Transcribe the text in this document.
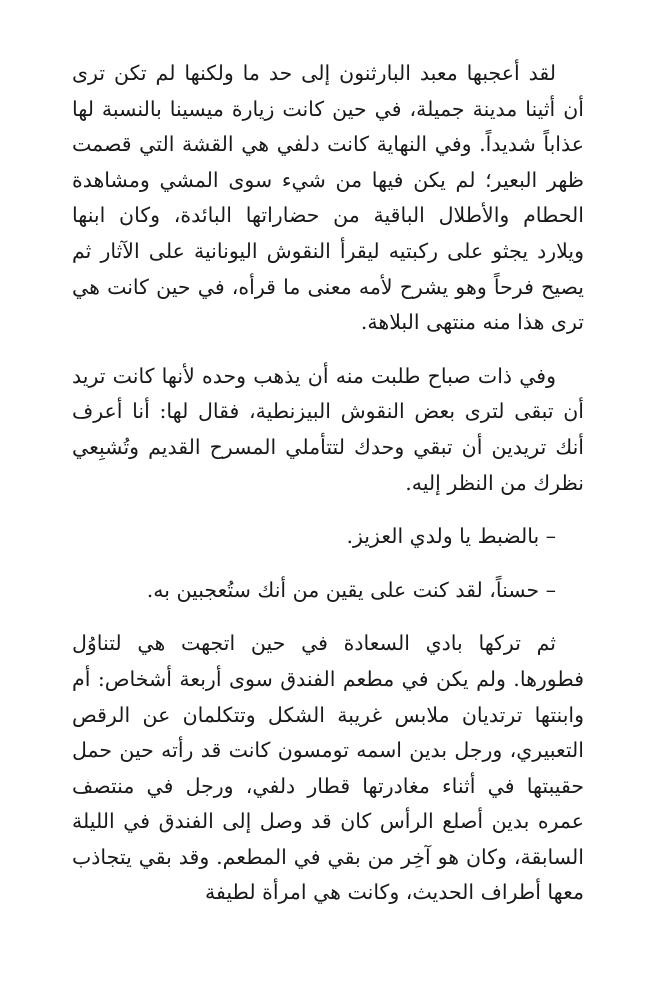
لقد أعجبها معبد البارثنون إلى حد ما ولكنها لم تكن ترى أن أثينا مدينة جميلة، في حين كانت زيارة ميسينا بالنسبة لها عذاباً شديداً. وفي النهاية كانت دلفي هي القشة التي قصمت ظهر البعير؛ لم يكن فيها من شيء سوى المشي ومشاهدة الحطام والأطلال الباقية من حضاراتها البائدة، وكان ابنها ويلارد يجثو على ركبتيه ليقرأ النقوش اليونانية على الآثار ثم يصيح فرحاً وهو يشرح لأمه معنى ما قرأه، في حين كانت هي ترى هذا منه منتهى البلاهة.

وفي ذات صباح طلبت منه أن يذهب وحده لأنها كانت تريد أن تبقى لترى بعض النقوش البيزنطية، فقال لها: أنا أعرف أنك تريدين أن تبقي وحدك لتتأملي المسرح القديم وتُشبِعي نظرك من النظر إليه.

– بالضبط يا ولدي العزيز.

– حسناً، لقد كنت على يقين من أنك ستُعجبين به.

ثم تركها بادي السعادة في حين اتجهت هي لتناوُل فطورها. ولم يكن في مطعم الفندق سوى أربعة أشخاص: أم وابنتها ترتديان ملابس غريبة الشكل وتتكلمان عن الرقص التعبيري، ورجل بدين اسمه تومسون كانت قد رأته حين حمل حقيبتها في أثناء مغادرتها قطار دلفي، ورجل في منتصف عمره بدين أصلع الرأس كان قد وصل إلى الفندق في الليلة السابقة، وكان هو آخِر من بقي في المطعم. وقد بقي يتجاذب معها أطراف الحديث، وكانت هي امرأة لطيفة
